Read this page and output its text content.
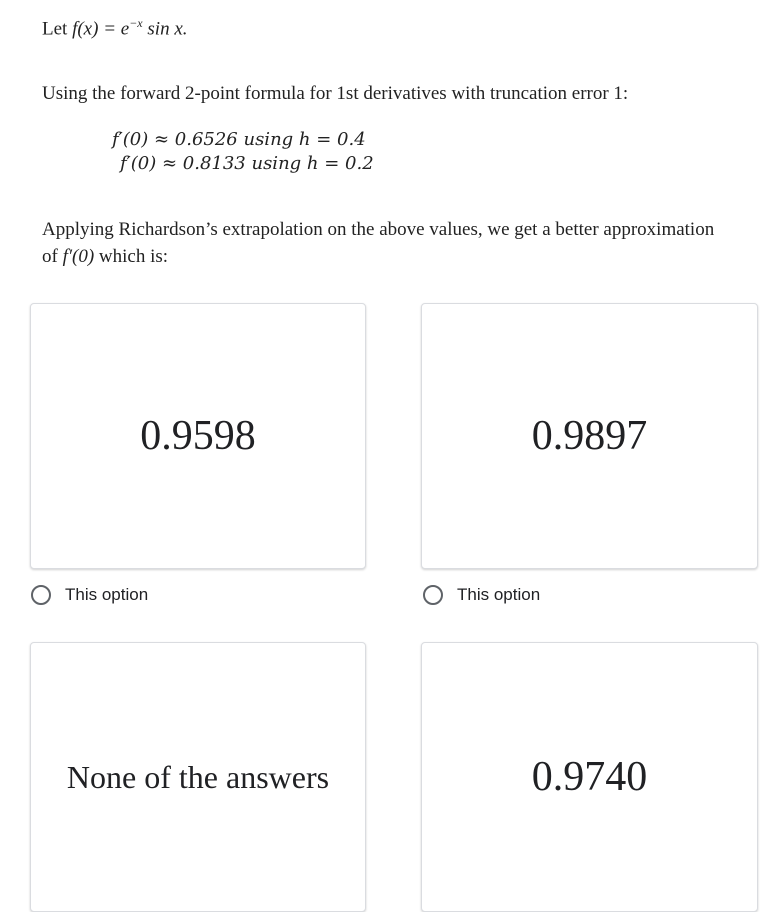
Let $f(x) = e^{-x}$ sin x.
Using the forward 2-point formula for 1st derivatives with truncation error 1:
f′(0) ≈ 0.6526 using h = 0.4
f′(0) ≈ 0.8133 using h = 0.2
Applying Richardson’s extrapolation on the above values, we get a better approximation
of f′(0) which is:
0.9598	0.9897
This option	This option
None of the answers	0.9740
